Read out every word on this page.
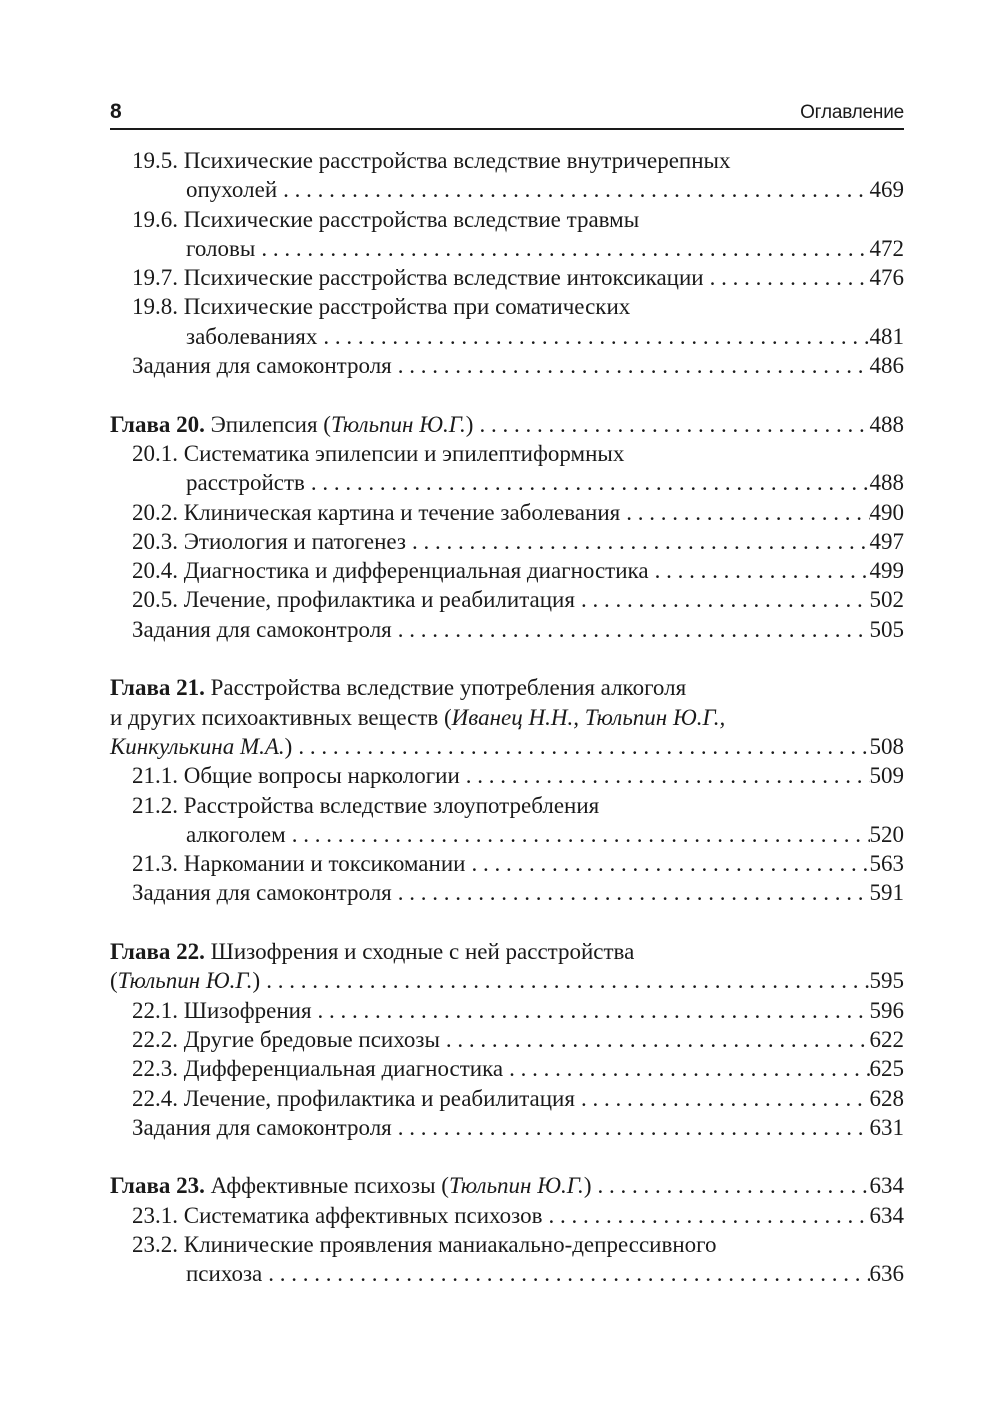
8	Оглавление
19.5. Психические расстройства вследствие внутричерепных
опухолей . . .	469
19.6. Психические расстройства вследствие травмы
головы . . .	472
19.7. Психические расстройства вследствие интоксикации . . .	476
19.8. Психические расстройства при соматических
заболеваниях . . .	481
Задания для самоконтроля . . .	486
Глава 20. Эпилепсия (Тюльпин Ю.Г.) . . .	488
20.1. Систематика эпилепсии и эпилептиформных
расстройств . . .	488
20.2. Клиническая картина и течение заболевания . . .	490
20.3. Этиология и патогенез . . .	497
20.4. Диагностика и дифференциальная диагностика . . .	499
20.5. Лечение, профилактика и реабилитация . . .	502
Задания для самоконтроля . . .	505
Глава 21. Расстройства вследствие употребления алкоголя
и других психоактивных веществ (Иванец Н.Н., Тюльпин Ю.Г.,
Кинкулькина М.А.) . . .	508
21.1. Общие вопросы наркологии . . .	509
21.2. Расстройства вследствие злоупотребления
алкоголем . . .	520
21.3. Наркомании и токсикомании . . .	563
Задания для самоконтроля . . .	591
Глава 22. Шизофрения и сходные с ней расстройства
(Тюльпин Ю.Г.) . . .	595
22.1. Шизофрения . . .	596
22.2. Другие бредовые психозы . . .	622
22.3. Дифференциальная диагностика . . .	625
22.4. Лечение, профилактика и реабилитация . . .	628
Задания для самоконтроля . . .	631
Глава 23. Аффективные психозы (Тюльпин Ю.Г.) . . .	634
23.1. Систематика аффективных психозов . . .	634
23.2. Клинические проявления маниакально-депрессивного
психоза . . .	636
